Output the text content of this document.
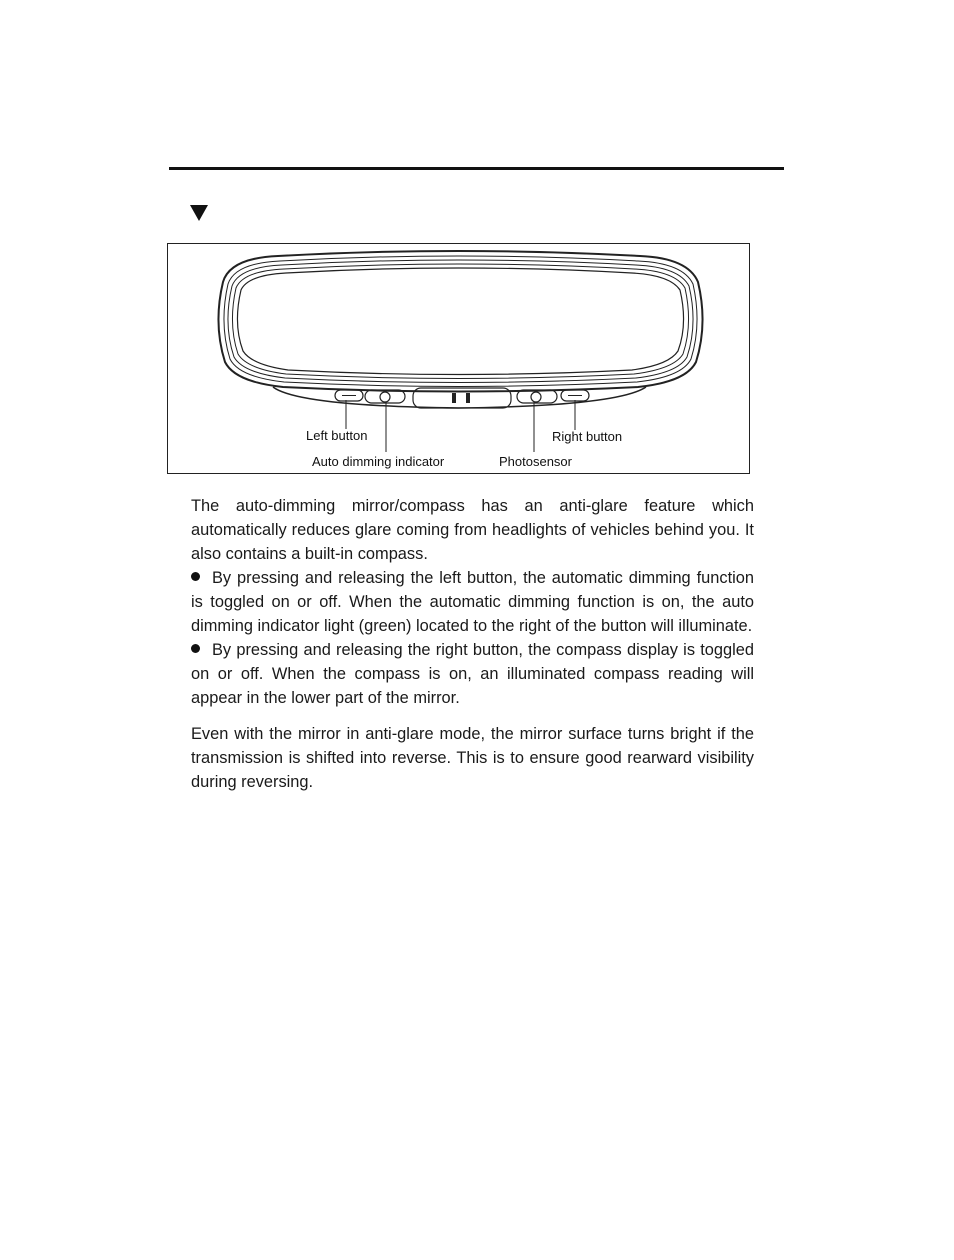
Left button
Auto dimming indicator	Photosensor
Right button

The auto-dimming mirror/compass has an anti-glare feature which automatically reduces glare coming from headlights of vehicles behind you. It also contains a built-in compass.

By pressing and releasing the left button, the automatic dimming function is toggled on or off. When the automatic dimming function is on, the auto dimming indicator light (green) located to the right of the button will illuminate.

By pressing and releasing the right button, the compass display is toggled on or off. When the compass is on, an illuminated compass reading will appear in the lower part of the mirror.

Even with the mirror in anti-glare mode, the mirror surface turns bright if the transmission is shifted into reverse. This is to ensure good rearward visibility during reversing.
